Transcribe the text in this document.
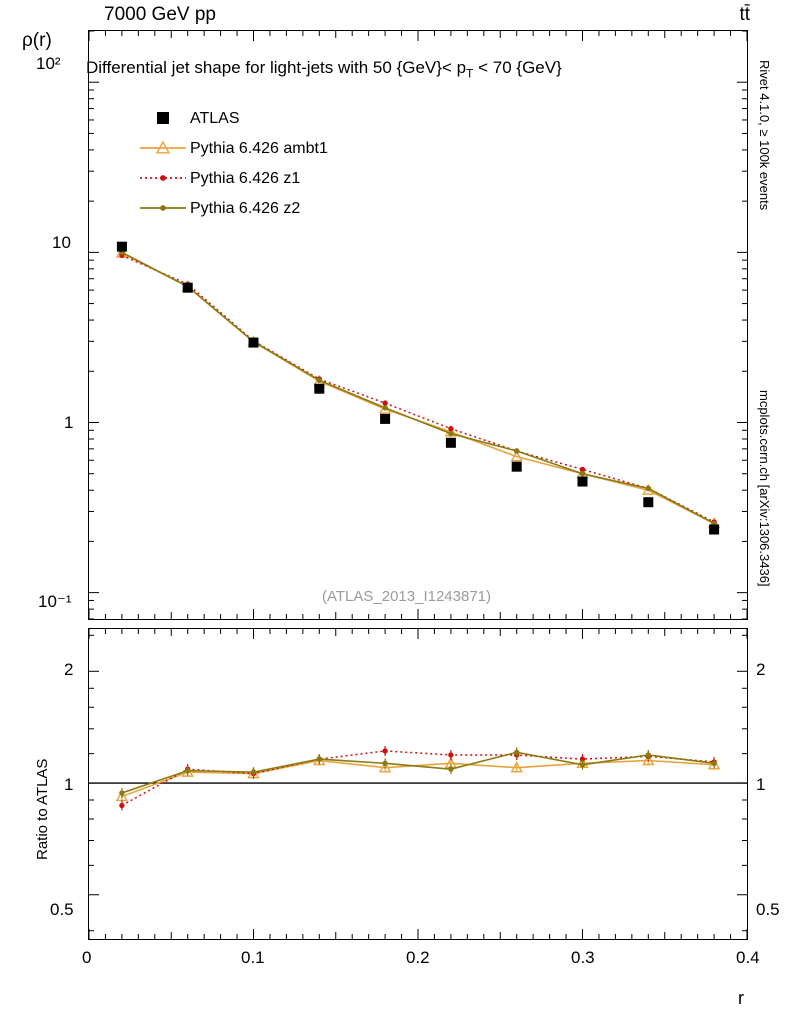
7000 GeV pp	tt̄
ρ(r)
Differential jet shape for light-jets with 50 $\{GeV\}< p_T < 70$ {GeV}	Rivet 4.1.0, ≥ 100k events
mcplots.cern.ch [arXiv:1306.3436]
(ATLAS_2013_I1243871)
Ratio to ATLAS
r
10²
10
1
10⁻¹
2
1
0.5
2
1
0.5
0	0.1	0.2	0.3	0.4
ATLAS
Pythia 6.426 ambt1
Pythia 6.426 z1
Pythia 6.426 z2
